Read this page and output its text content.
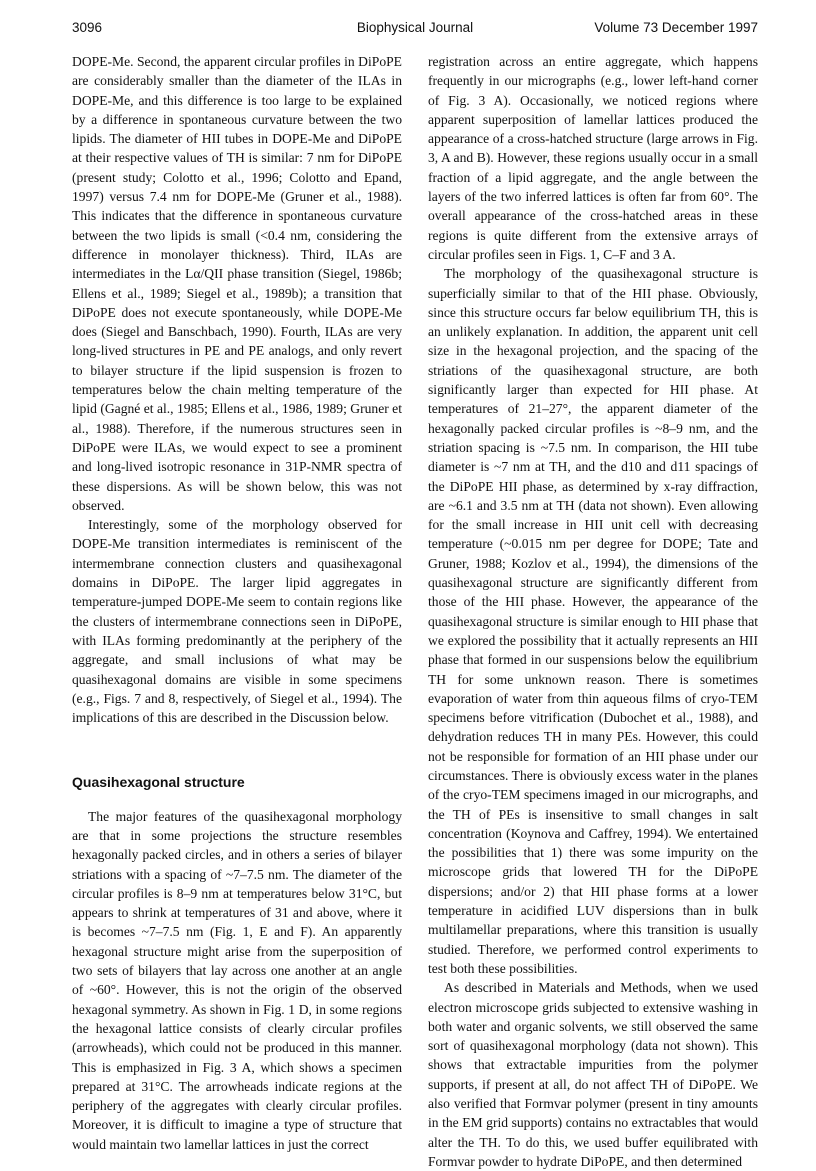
3096	Biophysical Journal	Volume 73 December 1997

DOPE-Me. Second, the apparent circular profiles in DiPoPE are considerably smaller than the diameter of the ILAs in DOPE-Me, and this difference is too large to be explained by a difference in spontaneous curvature between the two lipids. The diameter of HII tubes in DOPE-Me and DiPoPE at their respective values of TH is similar: 7 nm for DiPoPE (present study; Colotto et al., 1996; Colotto and Epand, 1997) versus 7.4 nm for DOPE-Me (Gruner et al., 1988). This indicates that the difference in spontaneous curvature between the two lipids is small (<0.4 nm, considering the difference in monolayer thickness). Third, ILAs are intermediates in the Lα/QII phase transition (Siegel, 1986b; Ellens et al., 1989; Siegel et al., 1989b); a transition that DiPoPE does not execute spontaneously, while DOPE-Me does (Siegel and Banschbach, 1990). Fourth, ILAs are very long-lived structures in PE and PE analogs, and only revert to bilayer structure if the lipid suspension is frozen to temperatures below the chain melting temperature of the lipid (Gagné et al., 1985; Ellens et al., 1986, 1989; Gruner et al., 1988). Therefore, if the numerous structures seen in DiPoPE were ILAs, we would expect to see a prominent and long-lived isotropic resonance in 31P-NMR spectra of these dispersions. As will be shown below, this was not observed.

Interestingly, some of the morphology observed for DOPE-Me transition intermediates is reminiscent of the intermembrane connection clusters and quasihexagonal domains in DiPoPE. The larger lipid aggregates in temperature-jumped DOPE-Me seem to contain regions like the clusters of intermembrane connections seen in DiPoPE, with ILAs forming predominantly at the periphery of the aggregate, and small inclusions of what may be quasihexagonal domains are visible in some specimens (e.g., Figs. 7 and 8, respectively, of Siegel et al., 1994). The implications of this are described in the Discussion below.

Quasihexagonal structure

The major features of the quasihexagonal morphology are that in some projections the structure resembles hexagonally packed circles, and in others a series of bilayer striations with a spacing of ~7–7.5 nm. The diameter of the circular profiles is 8–9 nm at temperatures below 31°C, but appears to shrink at temperatures of 31 and above, where it is becomes ~7–7.5 nm (Fig. 1, E and F). An apparently hexagonal structure might arise from the superposition of two sets of bilayers that lay across one another at an angle of ~60°. However, this is not the origin of the observed hexagonal symmetry. As shown in Fig. 1 D, in some regions the hexagonal lattice consists of clearly circular profiles (arrowheads), which could not be produced in this manner. This is emphasized in Fig. 3 A, which shows a specimen prepared at 31°C. The arrowheads indicate regions at the periphery of the aggregates with clearly circular profiles. Moreover, it is difficult to imagine a type of structure that would maintain two lamellar lattices in just the correct

registration across an entire aggregate, which happens frequently in our micrographs (e.g., lower left-hand corner of Fig. 3 A). Occasionally, we noticed regions where apparent superposition of lamellar lattices produced the appearance of a cross-hatched structure (large arrows in Fig. 3, A and B). However, these regions usually occur in a small fraction of a lipid aggregate, and the angle between the layers of the two inferred lattices is often far from 60°. The overall appearance of the cross-hatched areas in these regions is quite different from the extensive arrays of circular profiles seen in Figs. 1, C–F and 3 A.

The morphology of the quasihexagonal structure is superficially similar to that of the HII phase. Obviously, since this structure occurs far below equilibrium TH, this is an unlikely explanation. In addition, the apparent unit cell size in the hexagonal projection, and the spacing of the striations of the quasihexagonal structure, are both significantly larger than expected for HII phase. At temperatures of 21–27°, the apparent diameter of the hexagonally packed circular profiles is ~8–9 nm, and the striation spacing is ~7.5 nm. In comparison, the HII tube diameter is ~7 nm at TH, and the d10 and d11 spacings of the DiPoPE HII phase, as determined by x-ray diffraction, are ~6.1 and 3.5 nm at TH (data not shown). Even allowing for the small increase in HII unit cell with decreasing temperature (~0.015 nm per degree for DOPE; Tate and Gruner, 1988; Kozlov et al., 1994), the dimensions of the quasihexagonal structure are significantly different from those of the HII phase. However, the appearance of the quasihexagonal structure is similar enough to HII phase that we explored the possibility that it actually represents an HII phase that formed in our suspensions below the equilibrium TH for some unknown reason. There is sometimes evaporation of water from thin aqueous films of cryo-TEM specimens before vitrification (Dubochet et al., 1988), and dehydration reduces TH in many PEs. However, this could not be responsible for formation of an HII phase under our circumstances. There is obviously excess water in the planes of the cryo-TEM specimens imaged in our micrographs, and the TH of PEs is insensitive to small changes in salt concentration (Koynova and Caffrey, 1994). We entertained the possibilities that 1) there was some impurity on the microscope grids that lowered TH for the DiPoPE dispersions; and/or 2) that HII phase forms at a lower temperature in acidified LUV dispersions than in bulk multilamellar preparations, where this transition is usually studied. Therefore, we performed control experiments to test both these possibilities.

As described in Materials and Methods, when we used electron microscope grids subjected to extensive washing in both water and organic solvents, we still observed the same sort of quasihexagonal morphology (data not shown). This shows that extractable impurities from the polymer supports, if present at all, do not affect TH of DiPoPE. We also verified that Formvar polymer (present in tiny amounts in the EM grid supports) contains no extractables that would alter the TH. To do this, we used buffer equilibrated with Formvar powder to hydrate DiPoPE, and then determined
